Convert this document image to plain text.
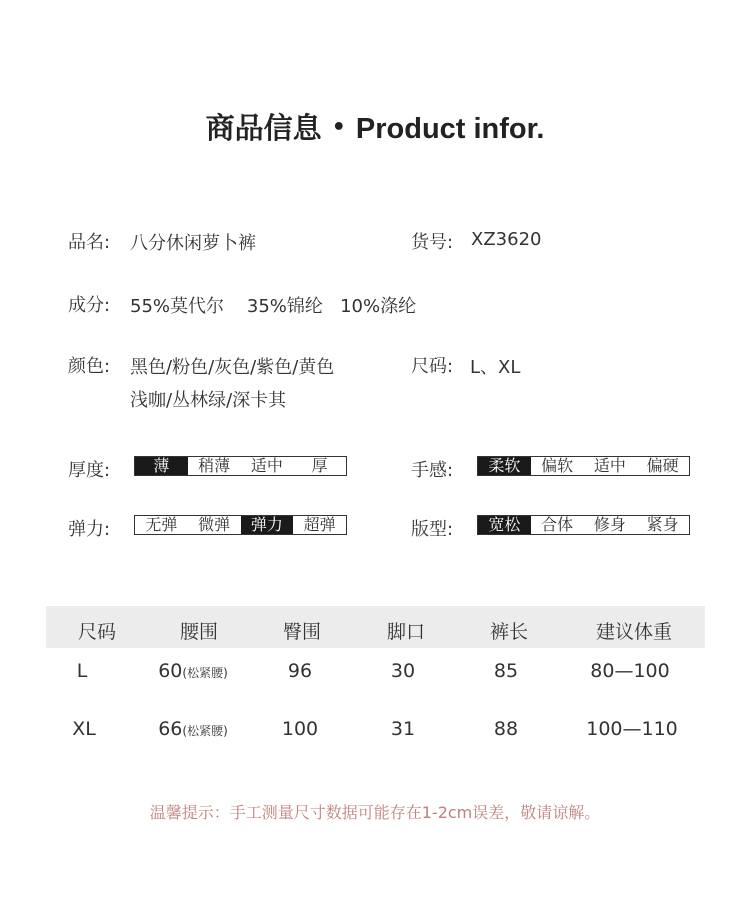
商品信息 • Product infor.
品名: 八分休闲萝卜裤	货号: XZ3620
成分: 55%莫代尔    35%锦纶   10%涤纶
颜色: 黑色/粉色/灰色/紫色/黄色
浅咖/丛林绿/深卡其
尺码: L、XL
厚度:	薄	稍薄	适中	厚	手感:	柔软	偏软	适中	偏硬
弹力:	无弹	微弹	弹力	超弹	版型:	宽松	合体	修身	紧身
尺码	腰围	臀围	脚口	裤长	建议体重
L	60(松紧腰)	96	30	85	80—100
XL	66(松紧腰)	100	31	88	100—110
温馨提示：手工测量尺寸数据可能存在1-2cm误差，敬请谅解。
